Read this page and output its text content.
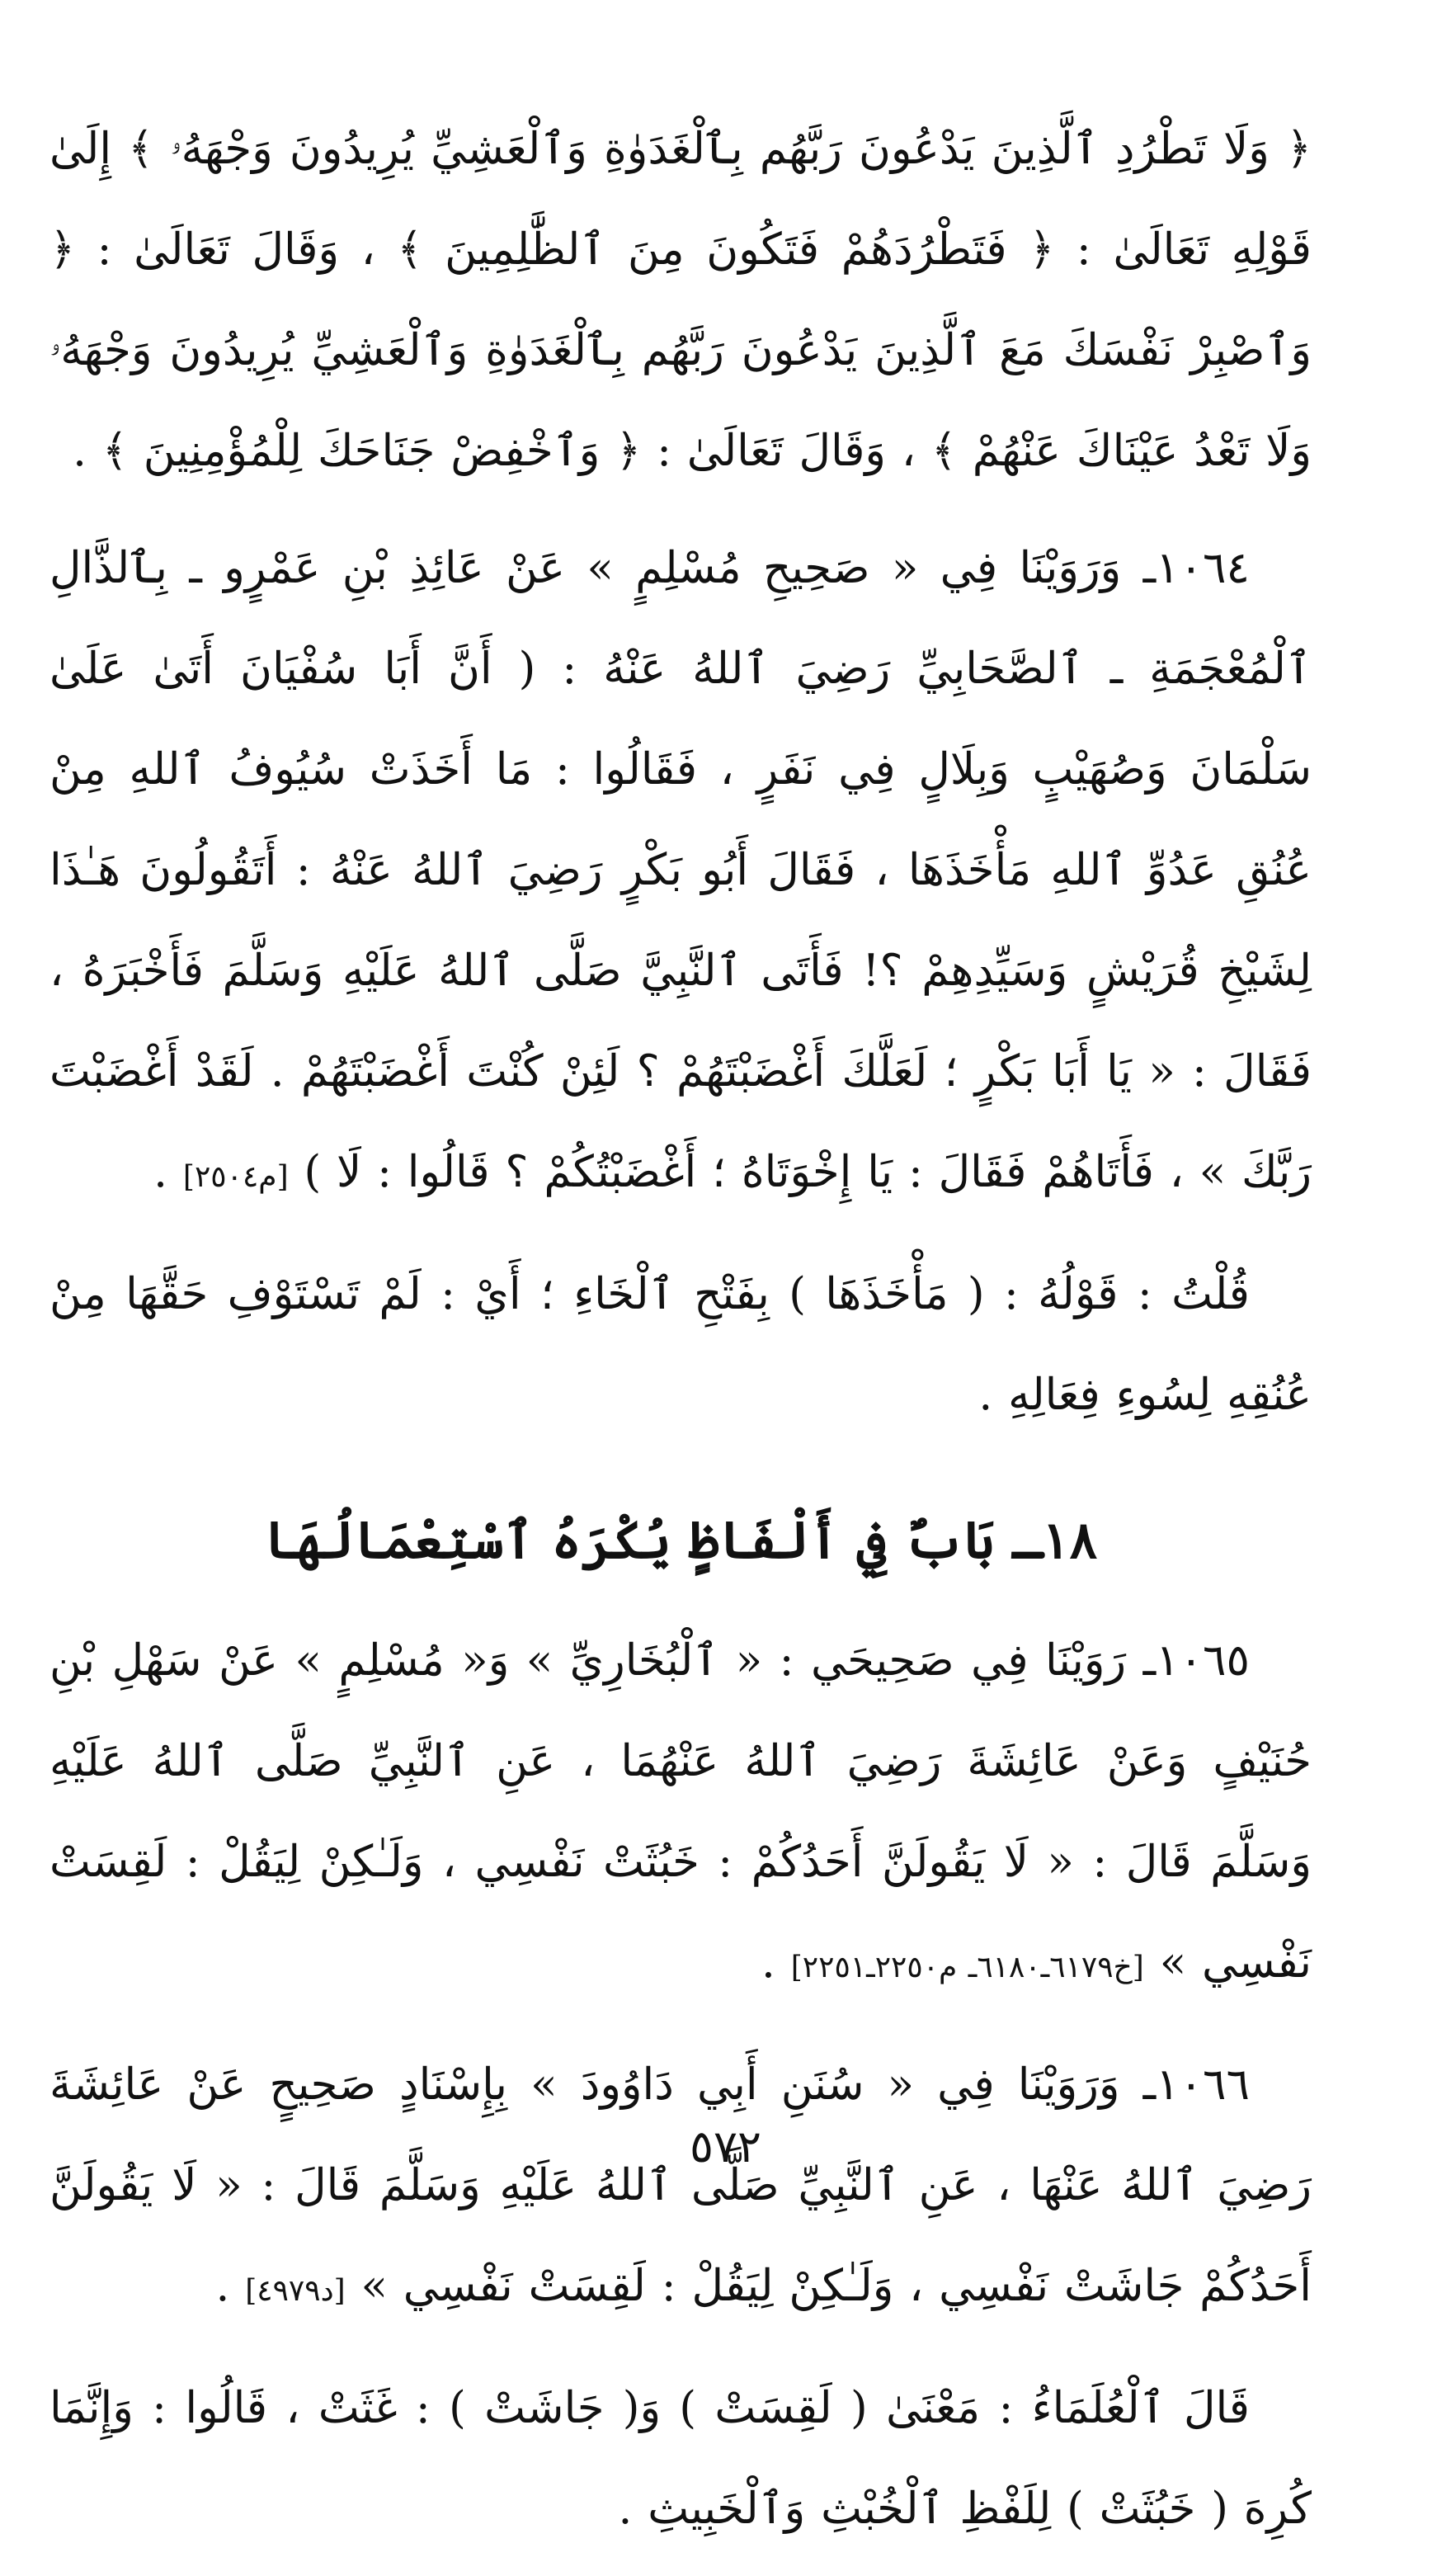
﴿ وَلَا تَطْرُدِ ٱلَّذِينَ يَدْعُونَ رَبَّهُم بِٱلْغَدَوٰةِ وَٱلْعَشِيِّ يُرِيدُونَ وَجْهَهُۥ ﴾ إِلَىٰ قَوْلِهِ تَعَالَىٰ : ﴿ فَتَطْرُدَهُمْ فَتَكُونَ مِنَ ٱلظَّٰلِمِينَ ﴾ ، وَقَالَ تَعَالَىٰ : ﴿ وَٱصْبِرْ نَفْسَكَ مَعَ ٱلَّذِينَ يَدْعُونَ رَبَّهُم بِٱلْغَدَوٰةِ وَٱلْعَشِيِّ يُرِيدُونَ وَجْهَهُۥ وَلَا تَعْدُ عَيْنَاكَ عَنْهُمْ ﴾ ، وَقَالَ تَعَالَىٰ : ﴿ وَٱخْفِضْ جَنَاحَكَ لِلْمُؤْمِنِينَ ﴾ .

١٠٦٤ـ وَرَوَيْنَا فِي « صَحِيحِ مُسْلِمٍ » عَنْ عَائِذِ بْنِ عَمْرٍو ـ بِٱلذَّالِ ٱلْمُعْجَمَةِ ـ ٱلصَّحَابِيِّ رَضِيَ ٱللهُ عَنْهُ : ( أَنَّ أَبَا سُفْيَانَ أَتَىٰ عَلَىٰ سَلْمَانَ وَصُهَيْبٍ وَبِلَالٍ فِي نَفَرٍ ، فَقَالُوا : مَا أَخَذَتْ سُيُوفُ ٱللهِ مِنْ عُنُقِ عَدُوِّ ٱللهِ مَأْخَذَهَا ، فَقَالَ أَبُو بَكْرٍ رَضِيَ ٱللهُ عَنْهُ : أَتَقُولُونَ هَـٰذَا لِشَيْخِ قُرَيْشٍ وَسَيِّدِهِمْ ؟! فَأَتَى ٱلنَّبِيَّ صَلَّى ٱللهُ عَلَيْهِ وَسَلَّمَ فَأَخْبَرَهُ ، فَقَالَ : « يَا أَبَا بَكْرٍ ؛ لَعَلَّكَ أَغْضَبْتَهُمْ ؟ لَئِنْ كُنْتَ أَغْضَبْتَهُمْ . لَقَدْ أَغْضَبْتَ رَبَّكَ » ، فَأَتَاهُمْ فَقَالَ : يَا إِخْوَتَاهُ ؛ أَغْضَبْتُكُمْ ؟ قَالُوا : لَا ) [م٢٥٠٤] .

قُلْتُ : قَوْلُهُ : ( مَأْخَذَهَا ) بِفَتْحِ ٱلْخَاءِ ؛ أَيْ : لَمْ تَسْتَوْفِ حَقَّهَا مِنْ عُنُقِهِ لِسُوءِ فِعَالِهِ .

١٨ـ بَابٌ فِي أَلْفَاظٍ يُكْرَهُ ٱسْتِعْمَالُهَا

١٠٦٥ـ رَوَيْنَا فِي صَحِيحَي : « ٱلْبُخَارِيِّ » وَ« مُسْلِمٍ » عَنْ سَهْلِ بْنِ حُنَيْفٍ وَعَنْ عَائِشَةَ رَضِيَ ٱللهُ عَنْهُمَا ، عَنِ ٱلنَّبِيِّ صَلَّى ٱللهُ عَلَيْهِ وَسَلَّمَ قَالَ : « لَا يَقُولَنَّ أَحَدُكُمْ : خَبُثَتْ نَفْسِي ، وَلَـٰكِنْ لِيَقُلْ : لَقِسَتْ نَفْسِي » [خ٦١٧٩ـ٦١٨٠ـ م٢٢٥٠ـ٢٢٥١] .

١٠٦٦ـ وَرَوَيْنَا فِي « سُنَنِ أَبِي دَاوُودَ » بِإِسْنَادٍ صَحِيحٍ عَنْ عَائِشَةَ رَضِيَ ٱللهُ عَنْهَا ، عَنِ ٱلنَّبِيِّ صَلَّى ٱللهُ عَلَيْهِ وَسَلَّمَ قَالَ : « لَا يَقُولَنَّ أَحَدُكُمْ جَاشَتْ نَفْسِي ، وَلَـٰكِنْ لِيَقُلْ : لَقِسَتْ نَفْسِي » [د٤٩٧٩] .

قَالَ ٱلْعُلَمَاءُ : مَعْنَىٰ ( لَقِسَتْ ) وَ( جَاشَتْ ) : غَثَتْ ، قَالُوا : وَإِنَّمَا كُرِهَ ( خَبُثَتْ ) لِلَفْظِ ٱلْخُبْثِ وَٱلْخَبِيثِ .

٥٧٢
